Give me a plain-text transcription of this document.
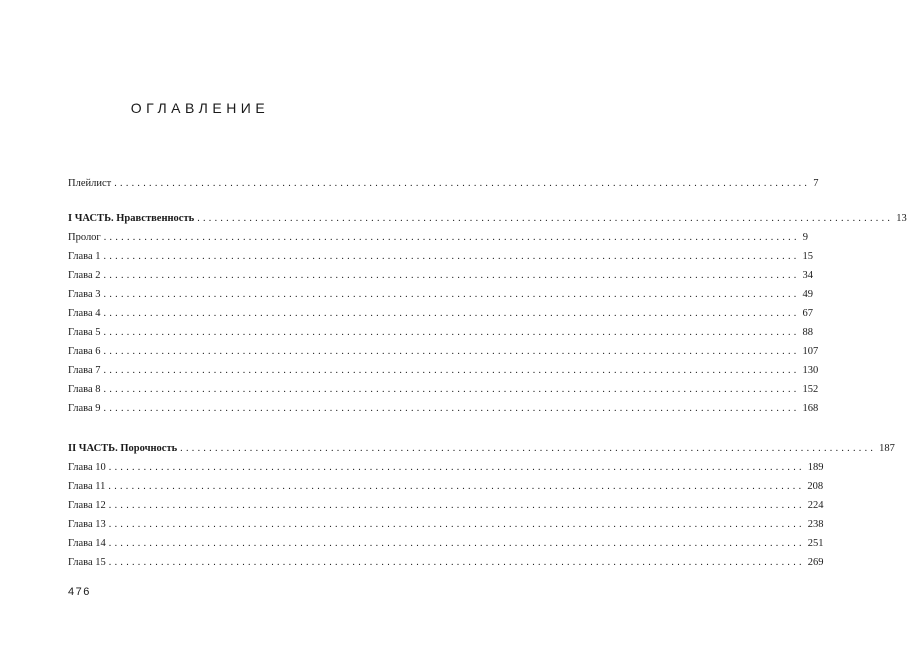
ОГЛАВЛЕНИЕ
Плейлист ........................................................................................................................ 7
I ЧАСТЬ. Нравственность ........................................................................................................................ 13
Пролог ........................................................................................................................ 9
Глава 1 ........................................................................................................................ 15
Глава 2 ........................................................................................................................ 34
Глава 3 ........................................................................................................................ 49
Глава 4 ........................................................................................................................ 67
Глава 5 ........................................................................................................................ 88
Глава 6 ........................................................................................................................ 107
Глава 7 ........................................................................................................................ 130
Глава 8 ........................................................................................................................ 152
Глава 9 ........................................................................................................................ 168
II ЧАСТЬ. Порочность ........................................................................................................................ 187
Глава 10 ........................................................................................................................ 189
Глава 11 ........................................................................................................................ 208
Глава 12 ........................................................................................................................ 224
Глава 13 ........................................................................................................................ 238
Глава 14 ........................................................................................................................ 251
Глава 15 ........................................................................................................................ 269
476
